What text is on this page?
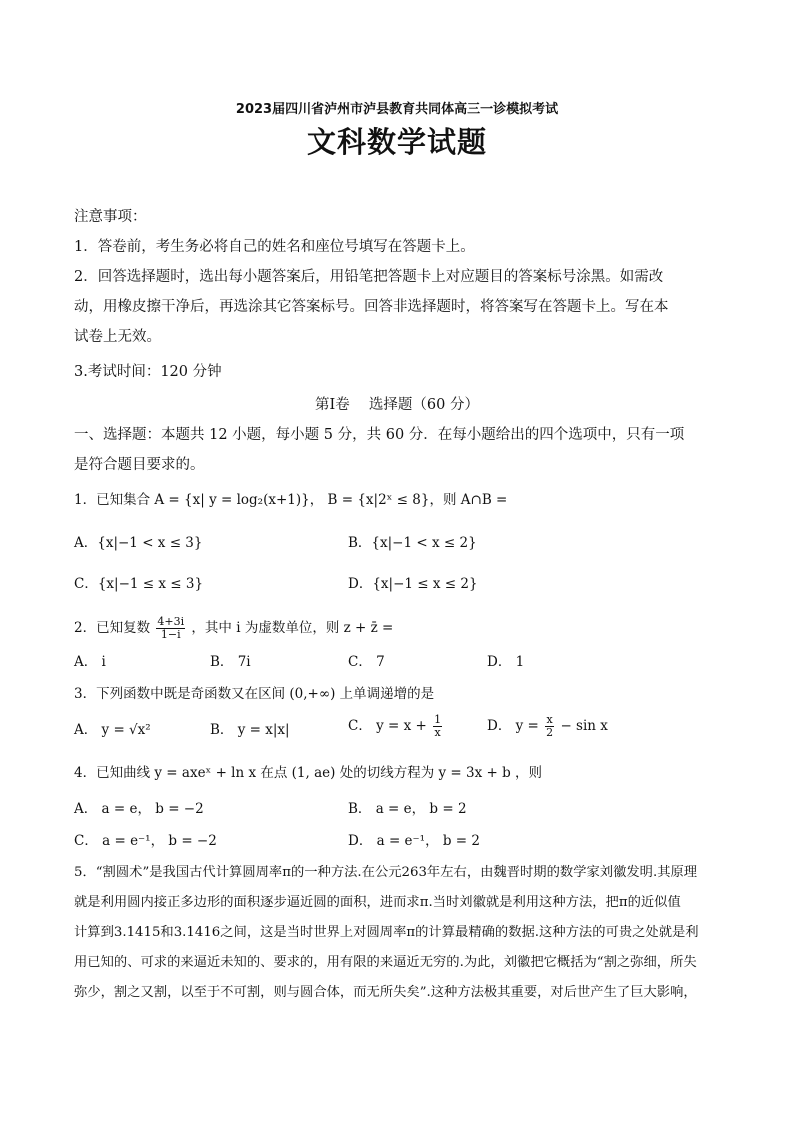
2023届四川省泸州市泸县教育共同体高三一诊模拟考试
文科数学试题
注意事项：
1．答卷前，考生务必将自己的姓名和座位号填写在答题卡上。
2．回答选择题时，选出每小题答案后，用铅笔把答题卡上对应题目的答案标号涂黑。如需改
动，用橡皮擦干净后，再选涂其它答案标号。回答非选择题时，将答案写在答题卡上。写在本
试卷上无效。
3.考试时间：120 分钟
第Ⅰ卷　 选择题（60 分）
一、选择题：本题共 12 小题，每小题 5 分，共 60 分．在每小题给出的四个选项中，只有一项
是符合题目要求的。
1．已知集合 A = {x| y = log₂(x+1)}， B = {x|2ˣ ≤ 8}，则 A∩B =
A．{x|−1 < x ≤ 3}	B．{x|−1 < x ≤ 2}
C．{x|−1 ≤ x ≤ 3}	D．{x|−1 ≤ x ≤ 2}
2．已知复数 $\frac{4+3i}{1-i}$ ，其中 i 为虚数单位，则 z + z̄ =
A． i	B． 7i	C． 7	D． 1
3．下列函数中既是奇函数又在区间 (0,+∞) 上单调递增的是
A． y = √x²	B． y = x|x|	C． $y = x + \frac{1}{x}$	D． $y = \frac{x}{2} - \sin x$
4．已知曲线 y = axeˣ + ln x 在点 (1, ae) 处的切线方程为 y = 3x + b ，则
A． a = e， b = −2	B． a = e， b = 2
C． a = e⁻¹， b = −2	D． a = e⁻¹， b = 2
5．“割圆术”是我国古代计算圆周率π的一种方法.在公元263年左右，由魏晋时期的数学家刘徽发明.其原理
就是利用圆内接正多边形的面积逐步逼近圆的面积，进而求π.当时刘徽就是利用这种方法，把π的近似值
计算到3.1415和3.1416之间，这是当时世界上对圆周率π的计算最精确的数据.这种方法的可贵之处就是利
用已知的、可求的来逼近未知的、要求的，用有限的来逼近无穷的.为此，刘徽把它概括为“割之弥细，所失
弥少，割之又割，以至于不可割，则与圆合体，而无所失矣”.这种方法极其重要，对后世产生了巨大影响，
